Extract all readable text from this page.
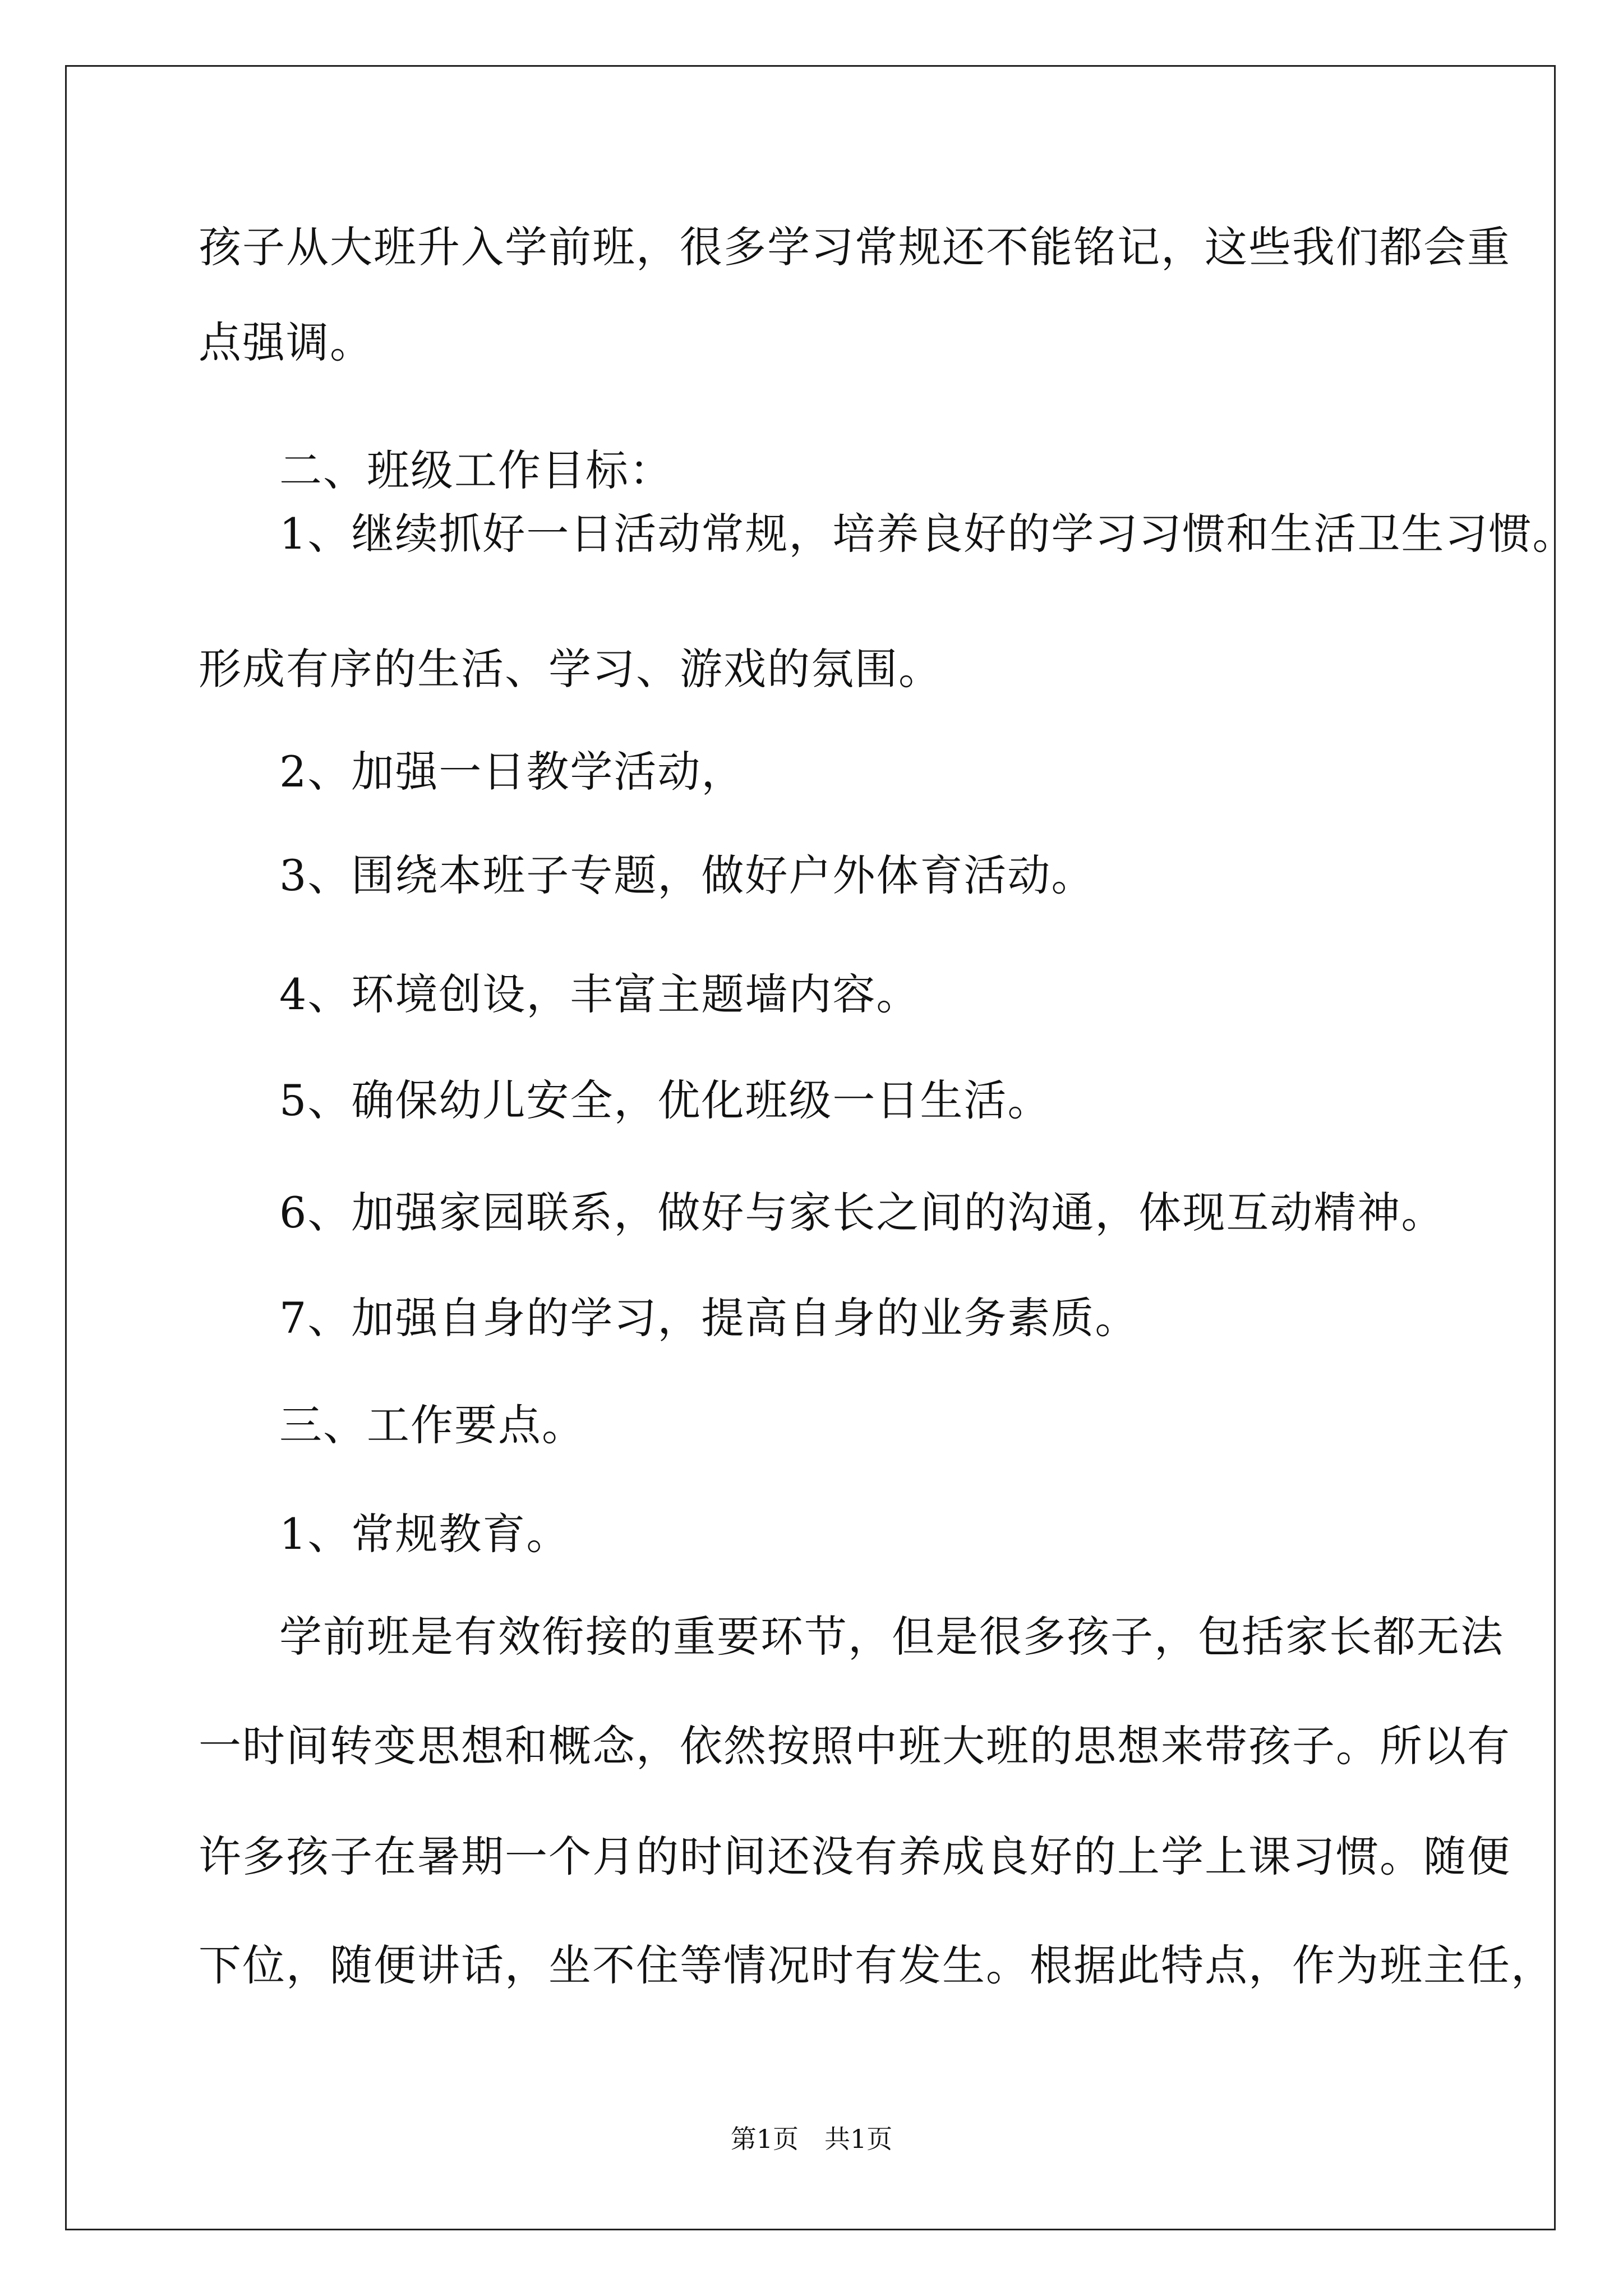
孩子从大班升入学前班，很多学习常规还不能铭记，这些我们都会重
点强调。
二、班级工作目标：
1、继续抓好一日活动常规，培养良好的学习习惯和生活卫生习惯。
形成有序的生活、学习、游戏的氛围。
2、加强一日教学活动，
3、围绕本班子专题，做好户外体育活动。
4、环境创设，丰富主题墙内容。
5、确保幼儿安全，优化班级一日生活。
6、加强家园联系，做好与家长之间的沟通，体现互动精神。
7、加强自身的学习，提高自身的业务素质。
三、工作要点。
1、常规教育。
学前班是有效衔接的重要环节，但是很多孩子，包括家长都无法
一时间转变思想和概念，依然按照中班大班的思想来带孩子。所以有
许多孩子在暑期一个月的时间还没有养成良好的上学上课习惯。随便
下位，随便讲话，坐不住等情况时有发生。根据此特点，作为班主任，
第1页　共1页
